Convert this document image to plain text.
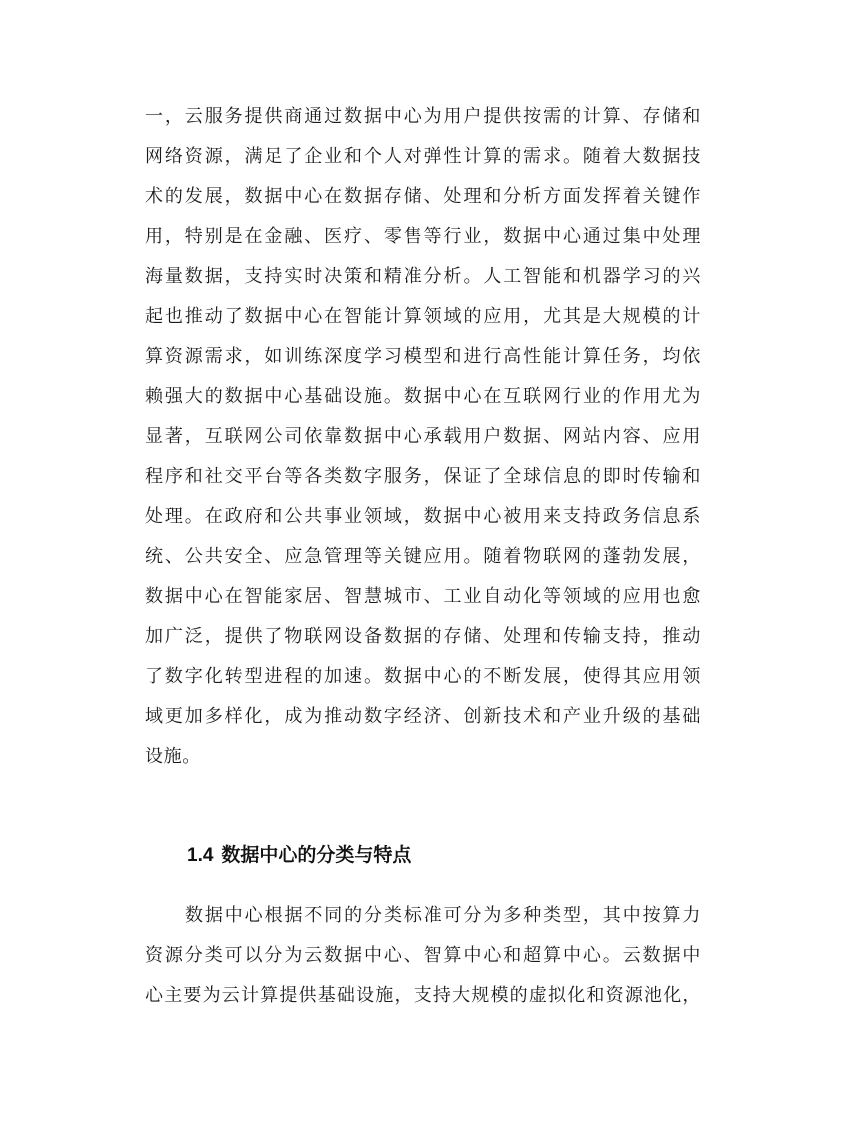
一，云服务提供商通过数据中心为用户提供按需的计算、存储和
网络资源，满足了企业和个人对弹性计算的需求。随着大数据技
术的发展，数据中心在数据存储、处理和分析方面发挥着关键作
用，特别是在金融、医疗、零售等行业，数据中心通过集中处理
海量数据，支持实时决策和精准分析。人工智能和机器学习的兴
起也推动了数据中心在智能计算领域的应用，尤其是大规模的计
算资源需求，如训练深度学习模型和进行高性能计算任务，均依
赖强大的数据中心基础设施。数据中心在互联网行业的作用尤为
显著，互联网公司依靠数据中心承载用户数据、网站内容、应用
程序和社交平台等各类数字服务，保证了全球信息的即时传输和
处理。在政府和公共事业领域，数据中心被用来支持政务信息系
统、公共安全、应急管理等关键应用。随着物联网的蓬勃发展，
数据中心在智能家居、智慧城市、工业自动化等领域的应用也愈
加广泛，提供了物联网设备数据的存储、处理和传输支持，推动
了数字化转型进程的加速。数据中心的不断发展，使得其应用领
域更加多样化，成为推动数字经济、创新技术和产业升级的基础
设施。
1.4 数据中心的分类与特点
数据中心根据不同的分类标准可分为多种类型，其中按算力
资源分类可以分为云数据中心、智算中心和超算中心。云数据中
心主要为云计算提供基础设施，支持大规模的虚拟化和资源池化，
